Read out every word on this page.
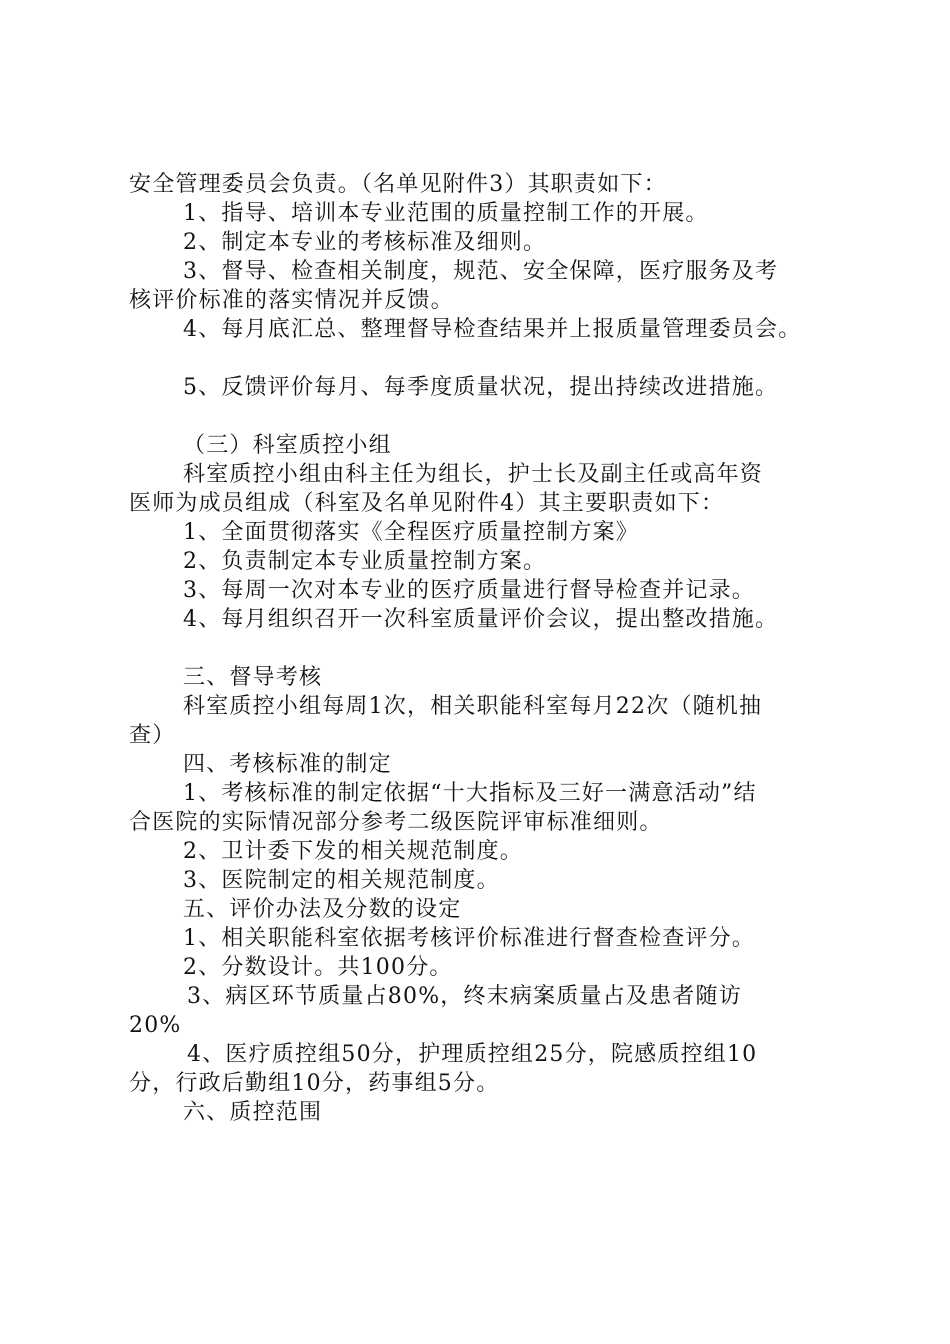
安全管理委员会负责。（名单见附件3）其职责如下：
1、指导、培训本专业范围的质量控制工作的开展。
2、制定本专业的考核标准及细则。
3、督导、检查相关制度，规范、安全保障，医疗服务及考
核评价标准的落实情况并反馈。
4、每月底汇总、整理督导检查结果并上报质量管理委员会。
5、反馈评价每月、每季度质量状况，提出持续改进措施。
（三）科室质控小组
科室质控小组由科主任为组长，护士长及副主任或高年资
医师为成员组成（科室及名单见附件4）其主要职责如下：
1、全面贯彻落实《全程医疗质量控制方案》
2、负责制定本专业质量控制方案。
3、每周一次对本专业的医疗质量进行督导检查并记录。
4、每月组织召开一次科室质量评价会议，提出整改措施。
三、督导考核
科室质控小组每周1次，相关职能科室每月22次（随机抽
查）
四、考核标准的制定
1、考核标准的制定依据“十大指标及三好一满意活动”结
合医院的实际情况部分参考二级医院评审标准细则。
2、卫计委下发的相关规范制度。
3、医院制定的相关规范制度。
五、评价办法及分数的设定
1、相关职能科室依据考核评价标准进行督查检查评分。
2、分数设计。共100分。
3、病区环节质量占80%，终末病案质量占及患者随访
20%
4、医疗质控组50分，护理质控组25分，院感质控组10
分，行政后勤组10分，药事组5分。
六、质控范围
